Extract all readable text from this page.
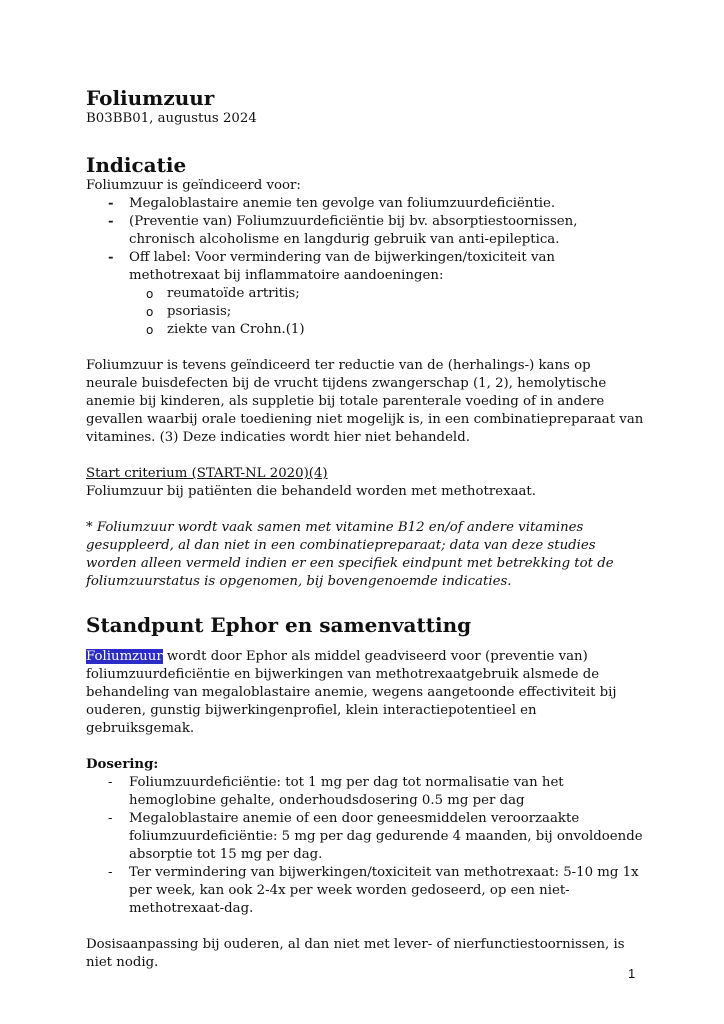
Foliumzuur

B03BB01, augustus 2024

Indicatie

Foliumzuur is geïndiceerd voor:

- Megaloblastaire anemie ten gevolge van foliumzuurdeficiëntie.
- (Preventie van) Foliumzuurdeficiëntie bij bv. absorptiestoornissen, chronisch alcoholisme en langdurig gebruik van anti-epileptica.
- Off label: Voor vermindering van de bijwerkingen/toxiciteit van methotrexaat bij inflammatoire aandoeningen:
o reumatoïde artritis;
o psoriasis;
o ziekte van Crohn.(1)

Foliumzuur is tevens geïndiceerd ter reductie van de (herhalings-) kans op neurale buisdefecten bij de vrucht tijdens zwangerschap (1, 2), hemolytische anemie bij kinderen, als suppletie bij totale parenterale voeding of in andere gevallen waarbij orale toediening niet mogelijk is, in een combinatiepreparaat van vitamines. (3) Deze indicaties wordt hier niet behandeld.

Start criterium (START-NL 2020)(4)

Foliumzuur bij patiënten die behandeld worden met methotrexaat.

* Foliumzuur wordt vaak samen met vitamine B12 en/of andere vitamines gesuppleerd, al dan niet in een combinatiepreparaat; data van deze studies worden alleen vermeld indien er een specifiek eindpunt met betrekking tot de foliumzuurstatus is opgenomen, bij bovengenoemde indicaties.

Standpunt Ephor en samenvatting

Foliumzuur wordt door Ephor als middel geadviseerd voor (preventie van) foliumzuurdeficiëntie en bijwerkingen van methotrexaatgebruik alsmede de behandeling van megaloblastaire anemie, wegens aangetoonde effectiviteit bij ouderen, gunstig bijwerkingenprofiel, klein interactiepotentieel en gebruiksgemak.

Dosering:

- Foliumzuurdeficiëntie: tot 1 mg per dag tot normalisatie van het hemoglobine gehalte, onderhoudsdosering 0.5 mg per dag
- Megaloblastaire anemie of een door geneesmiddelen veroorzaakte foliumzuurdeficiëntie: 5 mg per dag gedurende 4 maanden, bij onvoldoende absorptie tot 15 mg per dag.
- Ter vermindering van bijwerkingen/toxiciteit van methotrexaat: 5-10 mg 1x per week, kan ook 2-4x per week worden gedoseerd, op een niet-methotrexaat-dag.

Dosisaanpassing bij ouderen, al dan niet met lever- of nierfunctiestoornissen, is niet nodig.

1
